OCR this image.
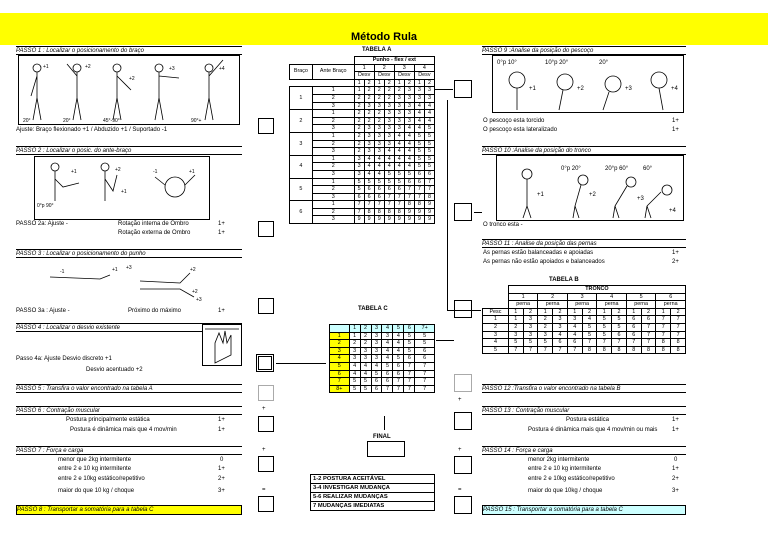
Método Rula
PASSO 1 : Localizar o posicionamento do braço
+1	+2
+2
+3	+4
20°	20°	45°-90°	90°+
Ajuste: Braço flexionado +1 / Abduzido +1 / Suportado -1
PASSO 2 : Localizar o posic. do ante-braço
+1	+2
+1
0°p 90°
-1	+1
PASSO 2a: Ajuste -	Rotação interna de Ombro	1+
Rotação externa de Ombro	1+
PASSO 3 : Localizar o posicionamento do punho
-1	+1 +3	+2
+2
+3
PASSO 3a : Ajuste -	Próximo do máximo	1+
PASSO 4 : Localizar o desvio existente
Passo 4a: Ajuste Desvio discreto +1
Desvio acentuado +2
PASSO 5 : Transfira o valor encontrado na tabela A
PASSO 6 : Contração muscular
Postura principalmente estática	1+
Postura é dinâmica mais que 4 mov/min	1+
+
PASSO 7 : Força e carga
menor que 2kg intermitente	0
entre 2 e 10 kg intermitente	1+
entre 2 e 10kg estático/repetitivo	2+
maior do que 10 kg / choque	3+
+
=
PASSO 8 : Transportar a somatória para a tabela C
TABELA A
		Punho - flex / ext							
Braço	Ante Braço	1		2		3		4	
		Desv		Desv		Desv		Desv	
		1	2	1	2	1	2	1	2
1	1	1	2	2	2	2	3	3	3
	2	2	2	2	2	3	3	3	3
	3	2	3	3	3	3	3	4	4
2	1	2	2	2	3	3	3	4	4
	2	2	2	2	3	3	3	4	4
	3	2	3	3	3	3	4	4	5
3	1	2	3	3	3	4	4	5	5
	2	2	3	3	3	4	4	5	5
	3	2	3	3	4	4	4	5	5
4	1	3	4	4	4	4	4	5	5
	2	3	4	4	4	4	4	5	5
	3	3	4	4	5	5	5	6	6
5	1	5	5	5	5	5	6	6	7
	2	5	6	6	6	6	7	7	7
	3	6	6	6	7	7	7	7	8
6	1	7	7	7	7	7	8	8	9
	2	7	8	8	8	8	9	9	9
	3	9	9	9	9	9	9	9	9
TABELA C
	1	2	3	4	5	6	7+
1	1	2	3	3	4	5	5
2	2	2	3	4	4	5	5
3	3	3	3	4	4	5	6
4	3	3	3	4	5	6	6
5	4	4	4	5	6	7	7
6	4	4	5	6	6	7	7
7	5	5	6	6	7	7	7
8+	5	5	6	7	7	7	7
FINAL
1-2 POSTURA ACEITÁVEL
3-4 INVESTIGAR MUDANÇA
5-6 REALIZAR MUDANÇAS
7 MUDANÇAS IMEDIATAS
PASSO 9 :Analise da posição do pescoço
0°p 10°	10°p 20°	20°
+1	+2	+3	+4
O pescoço esta torcido	1+
O pescoço esta lateralizado	1+
PASSO 10 :Analise da posição do tronco
0°p 20°	20°p 60° 60°
+1	+2
+3
+4
O tronco esta -
PASSO 11 : Analise da posição das pernas
As pernas estão balanceadas e apoiadas	1+
As pernas não estão apoiados e balanceados	2+
+
+
=
TABELA B
	TRONCO											
	1		2		3		4		5		6	
	perna		perna		perna		perna		perna		perna	
Pesc	1	2	1	2	1	2	1	2	1	2	1	2
1	1	3	2	3	3	4	5	5	6	6	7	7
2	2	3	2	3	4	5	5	5	6	7	7	7
3	3	3	3	4	4	5	5	6	6	7	7	7
4	5	5	5	6	6	7	7	7	7	7	8	8
5	7	7	7	7	7	8	8	8	8	8	8	8
PASSO 12 :Transfira o valor encontrado na tabela B
PASSO 13 : Contração muscular
Postura estática	1+
Postura é dinâmica mais que 4 mov/min ou mais 1+
PASSO 14 : Força e carga
menor 2kg intermitente	0
entre 2 e 10 kg intermitente	1+
entre 2 e 10kg estático/repetitivo	2+
maior do que 10kg / choque	3+
PASSO 15 : Transportar a somatória para a tabela C
